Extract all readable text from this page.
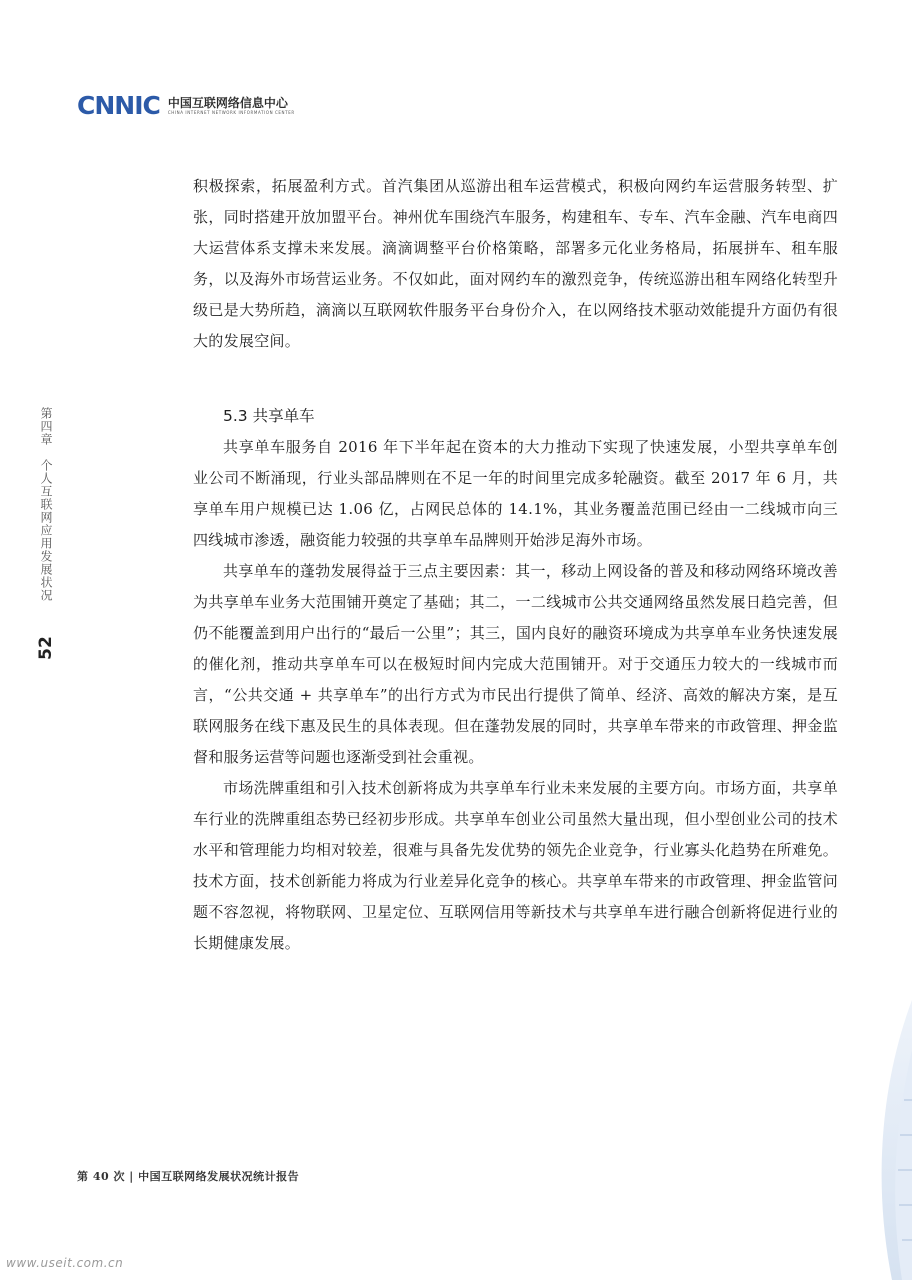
CNNIC 中国互联网络信息中心
CHINA INTERNET NETWORK INFORMATION CENTER
第四章　个人互联网应用发展状况
52

积极探索，拓展盈利方式。首汽集团从巡游出租车运营模式，积极向网约车运营服务转型、扩张，同时搭建开放加盟平台。神州优车围绕汽车服务，构建租车、专车、汽车金融、汽车电商四大运营体系支撑未来发展。滴滴调整平台价格策略，部署多元化业务格局，拓展拼车、租车服务，以及海外市场营运业务。不仅如此，面对网约车的激烈竞争，传统巡游出租车网络化转型升级已是大势所趋，滴滴以互联网软件服务平台身份介入，在以网络技术驱动效能提升方面仍有很大的发展空间。

5.3 共享单车

共享单车服务自 2016 年下半年起在资本的大力推动下实现了快速发展，小型共享单车创业公司不断涌现，行业头部品牌则在不足一年的时间里完成多轮融资。截至 2017 年 6 月，共享单车用户规模已达 1.06 亿，占网民总体的 14.1%，其业务覆盖范围已经由一二线城市向三四线城市渗透，融资能力较强的共享单车品牌则开始涉足海外市场。

共享单车的蓬勃发展得益于三点主要因素：其一，移动上网设备的普及和移动网络环境改善为共享单车业务大范围铺开奠定了基础；其二，一二线城市公共交通网络虽然发展日趋完善，但仍不能覆盖到用户出行的“最后一公里”；其三，国内良好的融资环境成为共享单车业务快速发展的催化剂，推动共享单车可以在极短时间内完成大范围铺开。对于交通压力较大的一线城市而言，“公共交通 + 共享单车”的出行方式为市民出行提供了简单、经济、高效的解决方案，是互联网服务在线下惠及民生的具体表现。但在蓬勃发展的同时，共享单车带来的市政管理、押金监督和服务运营等问题也逐渐受到社会重视。

市场洗牌重组和引入技术创新将成为共享单车行业未来发展的主要方向。市场方面，共享单车行业的洗牌重组态势已经初步形成。共享单车创业公司虽然大量出现，但小型创业公司的技术水平和管理能力均相对较差，很难与具备先发优势的领先企业竞争，行业寡头化趋势在所难免。技术方面，技术创新能力将成为行业差异化竞争的核心。共享单车带来的市政管理、押金监管问题不容忽视，将物联网、卫星定位、互联网信用等新技术与共享单车进行融合创新将促进行业的长期健康发展。

第 40 次 | 中国互联网络发展状况统计报告
www.useit.com.cn
